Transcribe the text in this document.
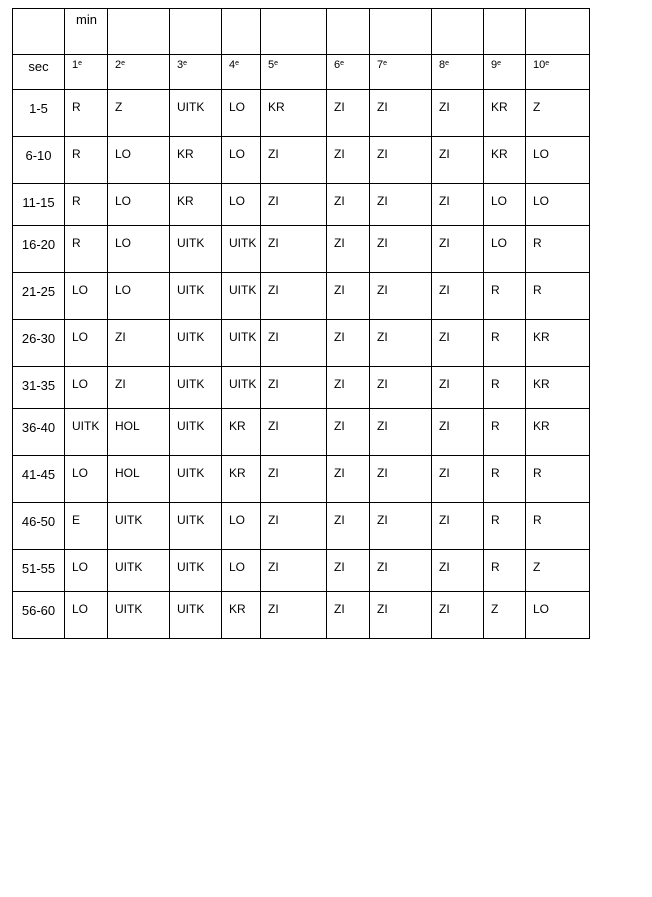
	min									

sec	1e	2e	3e	4e	5e	6e	7e	8e	9e	10e

1-5	R	Z	UITK	LO	KR	ZI	ZI	ZI	KR	Z

6-10	R	LO	KR	LO	ZI	ZI	ZI	ZI	KR	LO

11-15	R	LO	KR	LO	ZI	ZI	ZI	ZI	LO	LO

16-20	R	LO	UITK	UITK	ZI	ZI	ZI	ZI	LO	R

21-25	LO	LO	UITK	UITK	ZI	ZI	ZI	ZI	R	R

26-30	LO	ZI	UITK	UITK	ZI	ZI	ZI	ZI	R	KR

31-35	LO	ZI	UITK	UITK	ZI	ZI	ZI	ZI	R	KR

36-40	UITK	HOL	UITK	KR	ZI	ZI	ZI	ZI	R	KR

41-45	LO	HOL	UITK	KR	ZI	ZI	ZI	ZI	R	R

46-50	E	UITK	UITK	LO	ZI	ZI	ZI	ZI	R	R

51-55	LO	UITK	UITK	LO	ZI	ZI	ZI	ZI	R	Z

56-60	LO	UITK	UITK	KR	ZI	ZI	ZI	ZI	Z	LO
